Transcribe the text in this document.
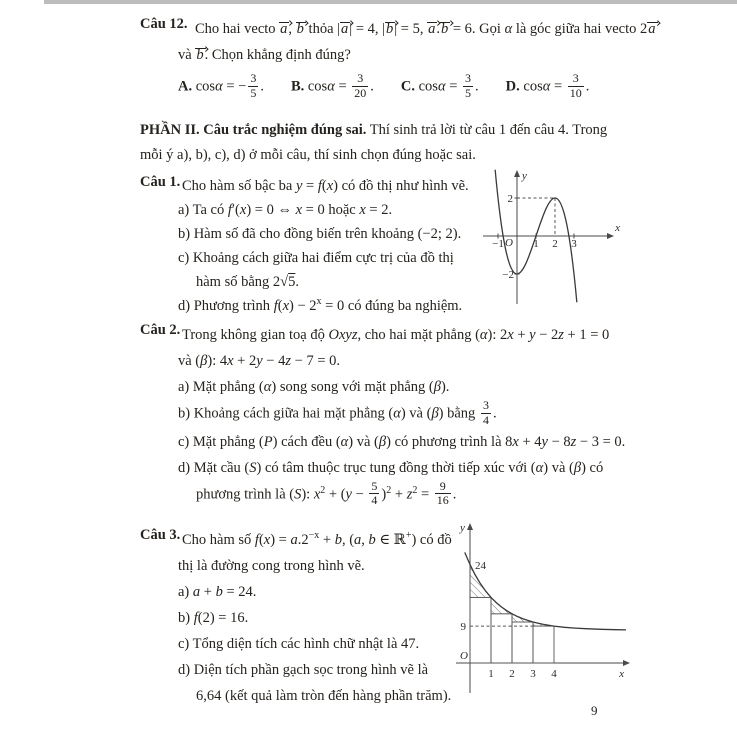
Câu 12. Cho hai vecto a, b thỏa |a| = 4, |b| = 5, a.b = 6. Gọi α là góc giữa hai vecto 2a
và b. Chọn khẳng định đúng?
A. cosα = − $\frac{3}{5}$ . B. $\cos\alpha = \frac{3}{20}$ . C. $\cos\alpha = \frac{3}{5}$ . D. $\cos\alpha = \frac{3}{10}$ .
PHẦN II. Câu trắc nghiệm đúng sai. Thí sinh trả lời từ câu 1 đến câu 4. Trong
mỗi ý a), b), c), d) ở mỗi câu, thí sinh chọn đúng hoặc sai.
Câu 1. Cho hàm số bậc ba y = f(x) có đồ thị như hình vẽ.
a) Ta có f′(x) = 0 ⇔ x = 0 hoặc x = 2.
b) Hàm số đã cho đồng biến trên khoảng (−2; 2).
c) Khoảng cách giữa hai điểm cực trị của đồ thị
hàm số bằng 2√5.
d) Phương trình $f(x) - 2^x = 0$ có đúng ba nghiệm.
−1 O 1 2 3
2
−2
x
y
Câu 2. Trong không gian toạ độ Oxyz, cho hai mặt phẳng (α): 2x + y − 2z + 1 = 0
và (β): 4x + 2y − 4z − 7 = 0.
a) Mặt phẳng (α) song song với mặt phẳng (β).
b) Khoảng cách giữa hai mặt phẳng (α) và (β) bằng $\frac{3}{4}$ .
c) Mặt phẳng (P) cách đều (α) và (β) có phương trình là 8x + 4y − 8z − 3 = 0.
d) Mặt cầu (S) có tâm thuộc trục tung đồng thời tiếp xúc với (α) và (β) có
phương trình là (S): $x^2 + (y - \frac{5}{4} )^2 + z^2 = \frac{9}{16}$ .
Câu 3. Cho hàm số $f(x) = a.2^{-x} + b$, (a, b ∈ ℝ+) có đồ
thị là đường cong trong hình vẽ.
a) a + b = 24.
b) f(2) = 16.
c) Tổng diện tích các hình chữ nhật là 47.
d) Diện tích phần gạch sọc trong hình vẽ là
6,64 (kết quả làm tròn đến hàng phần trăm).
24
9
O
1 2 3 4	x
y
9
